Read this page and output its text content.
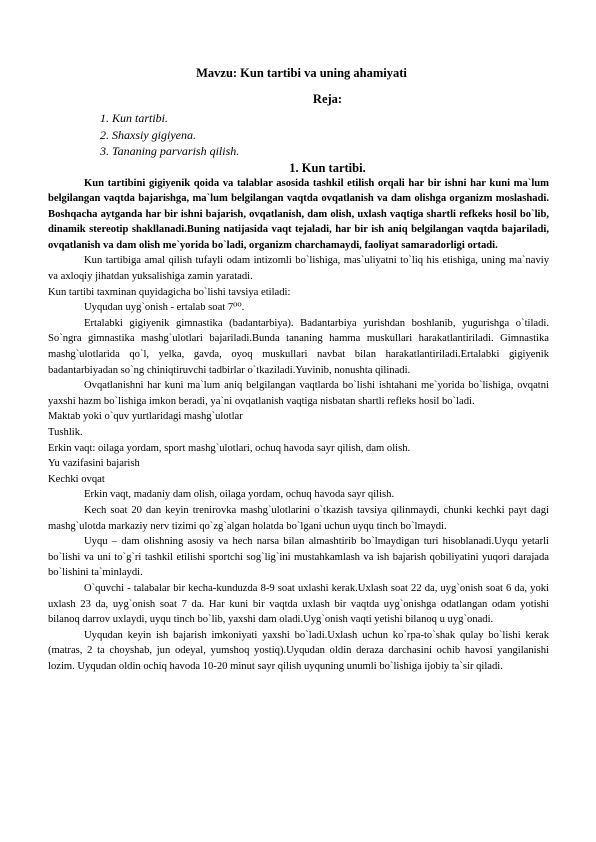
Mavzu: Kun tartibi va uning ahamiyati
Reja:
1. Kun tartibi.
2. Shaxsiy gigiyena.
3. Tananing parvarish qilish.
1. Kun tartibi.

Kun tartibini gigiyenik qoida va talablar asosida tashkil etilish orqali har bir ishni har kuni ma`lum belgilangan vaqtda bajarishga, ma`lum belgilangan vaqtda ovqatlanish va dam olishga organizm moslashadi. Boshqacha aytganda har bir ishni bajarish, ovqatlanish, dam olish, uxlash vaqtiga shartli refkeks hosil bo`lib, dinamik stereotip shakllanadi.Buning natijasida vaqt tejaladi, har bir ish aniq belgilangan vaqtda bajariladi, ovqatlanish va dam olish me`yorida bo`ladi, organizm charchamaydi, faoliyat samaradorligi ortadi.

Kun tartibiga amal qilish tufayli odam intizomli bo`lishiga, mas`uliyatni to`liq his etishiga, uning ma`naviy va axloqiy jihatdan yuksalishiga zamin yaratadi.

Kun tartibi taxminan quyidagicha bo`lishi tavsiya etiladi:

Uyqudan uyg`onish - ertalab soat 7⁰⁰.

Ertalabki gigiyenik gimnastika (badantarbiya). Badantarbiya yurishdan boshlanib, yugurishga o`tiladi. So`ngra gimnastika mashg`ulotlari bajariladi.Bunda tananing hamma muskullari harakatlantiriladi. Gimnastika mashg`ulotlarida qo`l, yelka, gavda, oyoq muskullari navbat bilan harakatlantiriladi.Ertalabki gigiyenik badantarbiyadan so`ng chiniqtiruvchi tadbirlar o`tkaziladi.Yuvinib, nonushta qilinadi.

Ovqatlanishni har kuni ma`lum aniq belgilangan vaqtlarda bo`lishi ishtahani me`yorida bo`lishiga, ovqatni yaxshi hazm bo`lishiga imkon beradi, ya`ni ovqatlanish vaqtiga nisbatan shartli refleks hosil bo`ladi.

Maktab yoki o`quv yurtlaridagi mashg`ulotlar

Tushlik.

Erkin vaqt: oilaga yordam, sport mashg`ulotlari, ochuq havoda sayr qilish, dam olish.

Yu vazifasini bajarish

Kechki ovqat

Erkin vaqt, madaniy dam olish, oilaga yordam, ochuq havoda sayr qilish.

Kech soat 20 dan keyin trenirovka mashg`ulotlarini o`tkazish tavsiya qilinmaydi, chunki kechki payt dagi mashg`ulotda markaziy nerv tizimi qo`zg`algan holatda bo`lgani uchun uyqu tinch bo`lmaydi.

Uyqu – dam olishning asosiy va hech narsa bilan almashtirib bo`lmaydigan turi hisoblanadi.Uyqu yetarli bo`lishi va uni to`g`ri tashkil etilishi sportchi sog`lig`ini mustahkamlash va ish bajarish qobiliyatini yuqori darajada bo`lishini ta`minlaydi.

O`quvchi - talabalar bir kecha-kunduzda 8-9 soat uxlashi kerak.Uxlash soat 22 da, uyg`onish soat 6 da, yoki uxlash 23 da, uyg`onish soat 7 da. Har kuni bir vaqtda uxlash bir vaqtda uyg`onishga odatlangan odam yotishi bilanoq darrov uxlaydi, uyqu tinch bo`lib, yaxshi dam oladi.Uyg`onish vaqti yetishi bilanoq u uyg`onadi.

Uyqudan keyin ish bajarish imkoniyati yaxshi bo`ladi.Uxlash uchun ko`rpa-to`shak qulay bo`lishi kerak (matras, 2 ta choyshab, jun odeyal, yumshoq yostiq).Uyqudan oldin deraza darchasini ochib havosi yangilanishi lozim. Uyqudan oldin ochiq havoda 10-20 minut sayr qilish uyquning unumli bo`lishiga ijobiy ta`sir qiladi.
